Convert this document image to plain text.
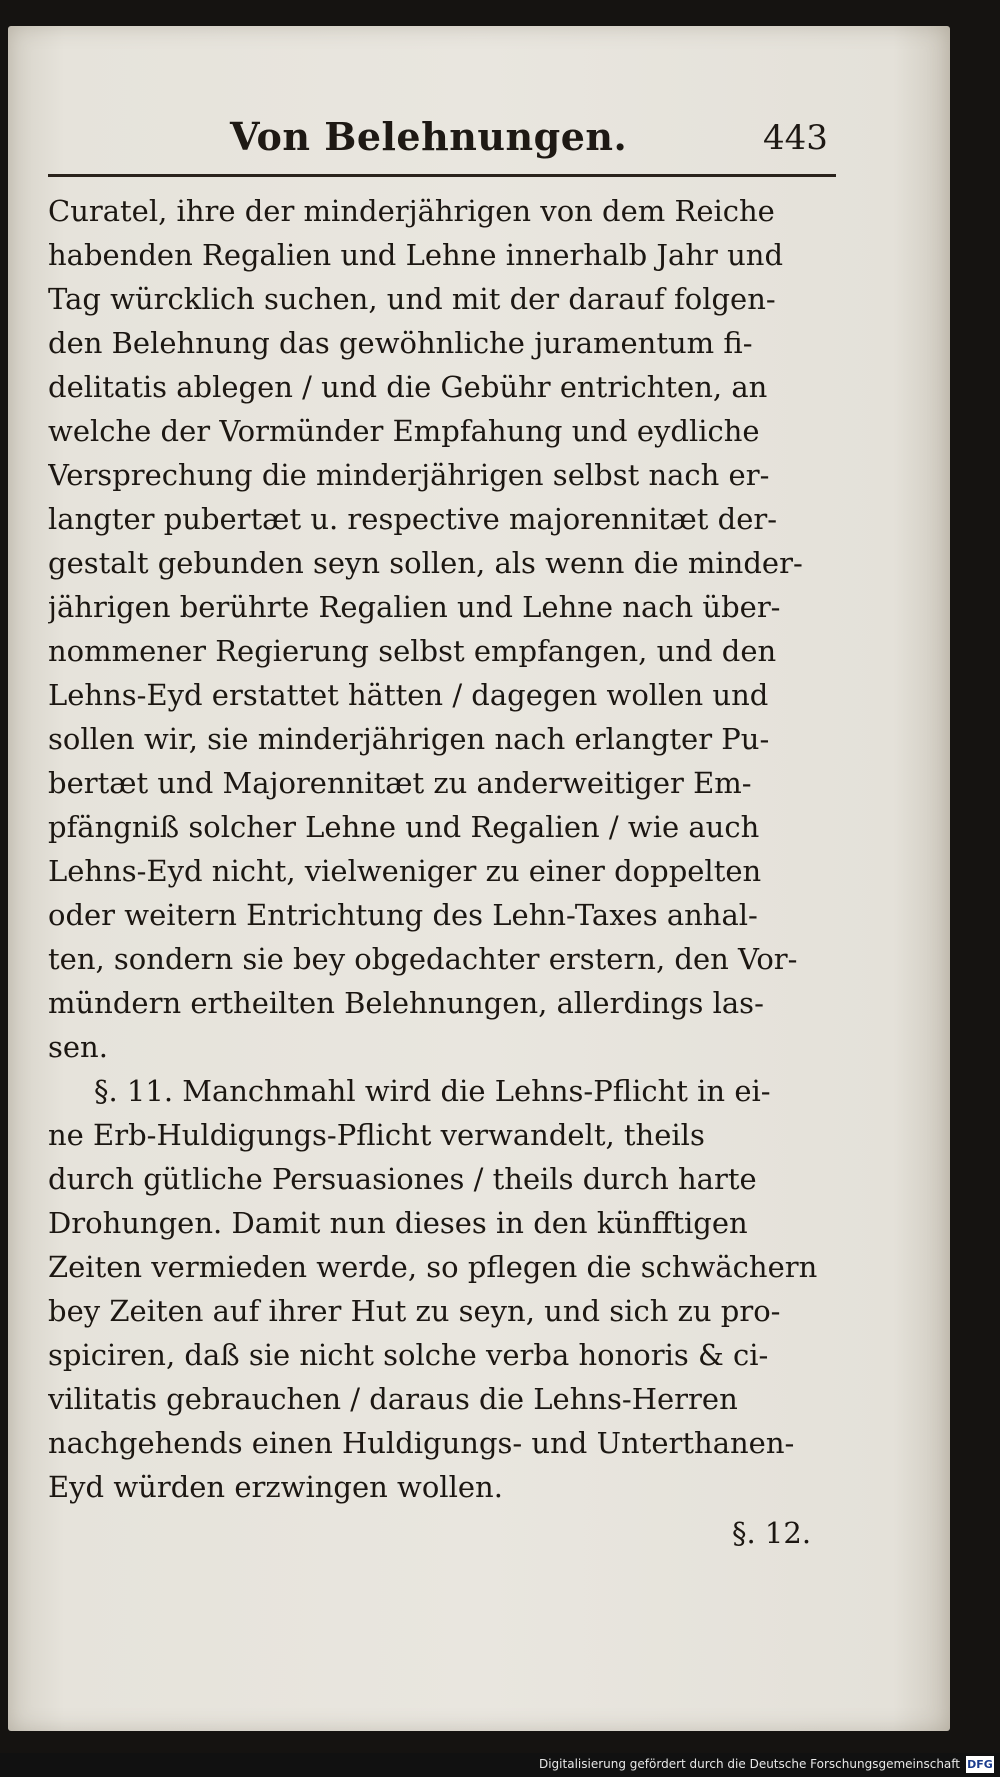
Von Belehnungen.	443
Curatel, ihre der minderjährigen von dem Reiche
habenden Regalien und Lehne innerhalb Jahr und
Tag würcklich suchen, und mit der darauf folgen-
den Belehnung das gewöhnliche juramentum fi-
delitatis ablegen / und die Gebühr entrichten, an
welche der Vormünder Empfahung und eydliche
Versprechung die minderjährigen selbst nach er-
langter pubertæt u. respective majorennitæt der-
gestalt gebunden seyn sollen, als wenn die minder-
jährigen berührte Regalien und Lehne nach über-
nommener Regierung selbst empfangen, und den
Lehns-Eyd erstattet hätten / dagegen wollen und
sollen wir, sie minderjährigen nach erlangter Pu-
bertæt und Majorennitæt zu anderweitiger Em-
pfängniß solcher Lehne und Regalien / wie auch
Lehns-Eyd nicht, vielweniger zu einer doppelten
oder weitern Entrichtung des Lehn-Taxes anhal-
ten, sondern sie bey obgedachter erstern, den Vor-
mündern ertheilten Belehnungen, allerdings las-
sen.
§. 11. Manchmahl wird die Lehns-Pflicht in ei-
ne Erb-Huldigungs-Pflicht verwandelt, theils
durch gütliche Persuasiones / theils durch harte
Drohungen. Damit nun dieses in den künfftigen
Zeiten vermieden werde, so pflegen die schwächern
bey Zeiten auf ihrer Hut zu seyn, und sich zu pro-
spiciren, daß sie nicht solche verba honoris & ci-
vilitatis gebrauchen / daraus die Lehns-Herren
nachgehends einen Huldigungs- und Unterthanen-
Eyd würden erzwingen wollen.
§. 12.
Digitalisierung gefördert durch die Deutsche Forschungsgemeinschaft DFG
